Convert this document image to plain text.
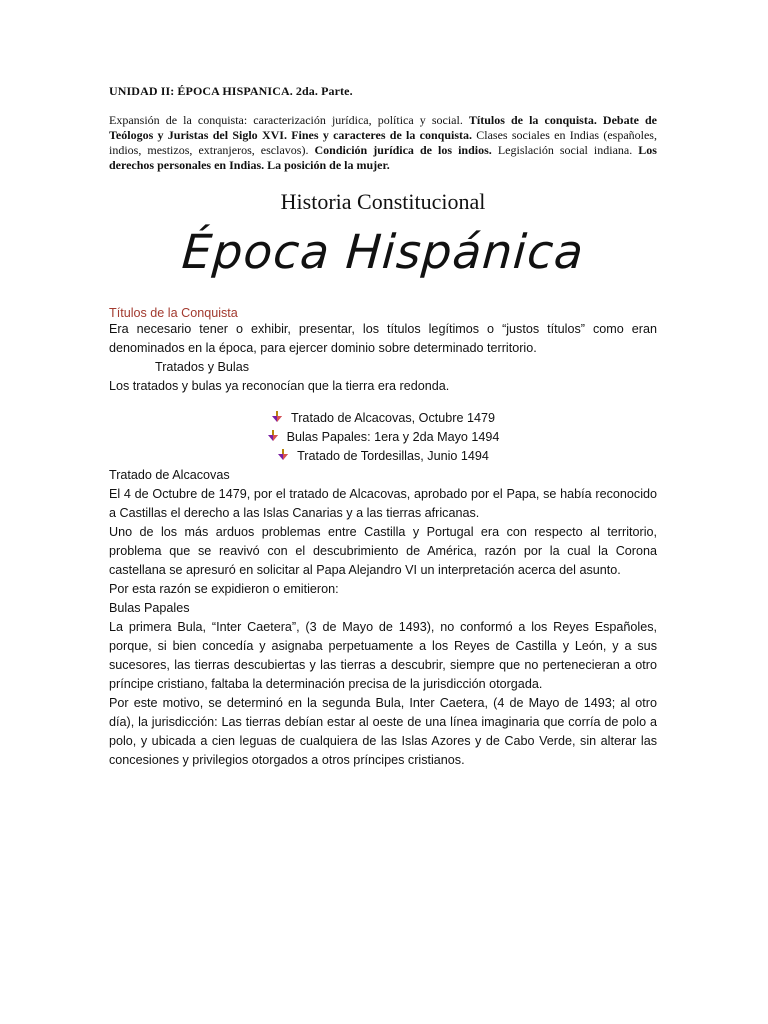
UNIDAD II: ÉPOCA HISPANICA. 2da. Parte.

Expansión de la conquista: caracterización jurídica, política y social. Títulos de la conquista. Debate de Teólogos y Juristas del Siglo XVI. Fines y caracteres de la conquista. Clases sociales en Indias (españoles, indios, mestizos, extranjeros, esclavos). Condición jurídica de los indios. Legislación social indiana. Los derechos personales en Indias. La posición de la mujer.

Historia Constitucional
Época Hispánica
Títulos de la Conquista

Era necesario tener o exhibir, presentar, los títulos legítimos o “justos títulos” como eran denominados en la época, para ejercer dominio sobre determinado territorio.

Tratados y Bulas

Los tratados y bulas ya reconocían que la tierra era redonda.

Tratado de Alcacovas, Octubre 1479
Bulas Papales: 1era y 2da Mayo 1494
Tratado de Tordesillas, Junio 1494

Tratado de Alcacovas

El 4 de Octubre de 1479, por el tratado de Alcacovas, aprobado por el Papa, se había reconocido a Castillas el derecho a las Islas Canarias y a las tierras africanas.

Uno de los más arduos problemas entre Castilla y Portugal era con respecto al territorio, problema que se reavivó con el descubrimiento de América, razón por la cual la Corona castellana se apresuró en solicitar al Papa Alejandro VI un interpretación acerca del asunto.

Por esta razón se expidieron o emitieron:

Bulas Papales

La primera Bula, “Inter Caetera”, (3 de Mayo de 1493), no conformó a los Reyes Españoles, porque, si bien concedía y asignaba perpetuamente a los Reyes de Castilla y León, y a sus sucesores, las tierras descubiertas y las tierras a descubrir, siempre que no pertenecieran a otro príncipe cristiano, faltaba la determinación precisa de la jurisdicción otorgada.

Por este motivo, se determinó en la segunda Bula, Inter Caetera, (4 de Mayo de 1493; al otro día), la jurisdicción: Las tierras debían estar al oeste de una línea imaginaria que corría de polo a polo, y ubicada a cien leguas de cualquiera de las Islas Azores y de Cabo Verde, sin alterar las concesiones y privilegios otorgados a otros príncipes cristianos.
